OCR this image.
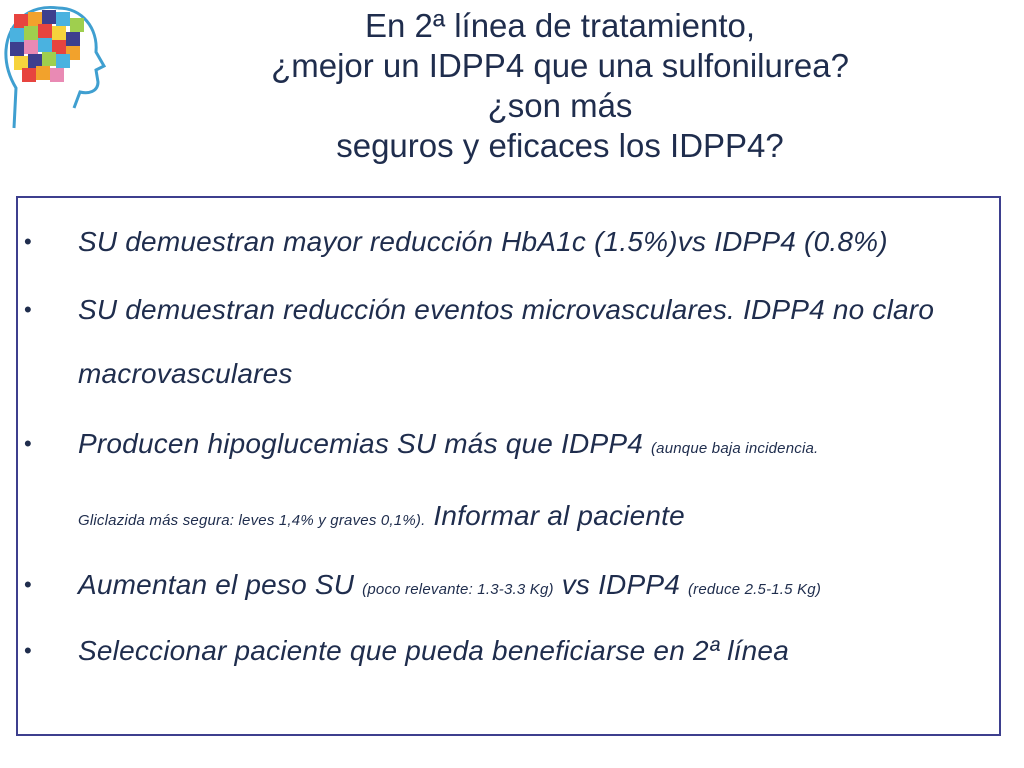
En 2ª línea de tratamiento,
¿mejor un IDPP4 que una sulfonilurea?
¿son más
seguros y eficaces los IDPP4?
• SU demuestran mayor reducción HbA1c (1.5%)vs IDPP4 (0.8%)
• SU demuestran reducción eventos microvasculares. IDPP4 no claro macrovasculares
• Producen hipoglucemias SU más que IDPP4 (aunque baja incidencia.
Gliclazida más segura: leves 1,4% y graves 0,1%). Informar al paciente
• Aumentan el peso SU (poco relevante: 1.3-3.3 Kg) vs IDPP4 (reduce 2.5-1.5 Kg)
• Seleccionar paciente que pueda beneficiarse en 2ª línea
